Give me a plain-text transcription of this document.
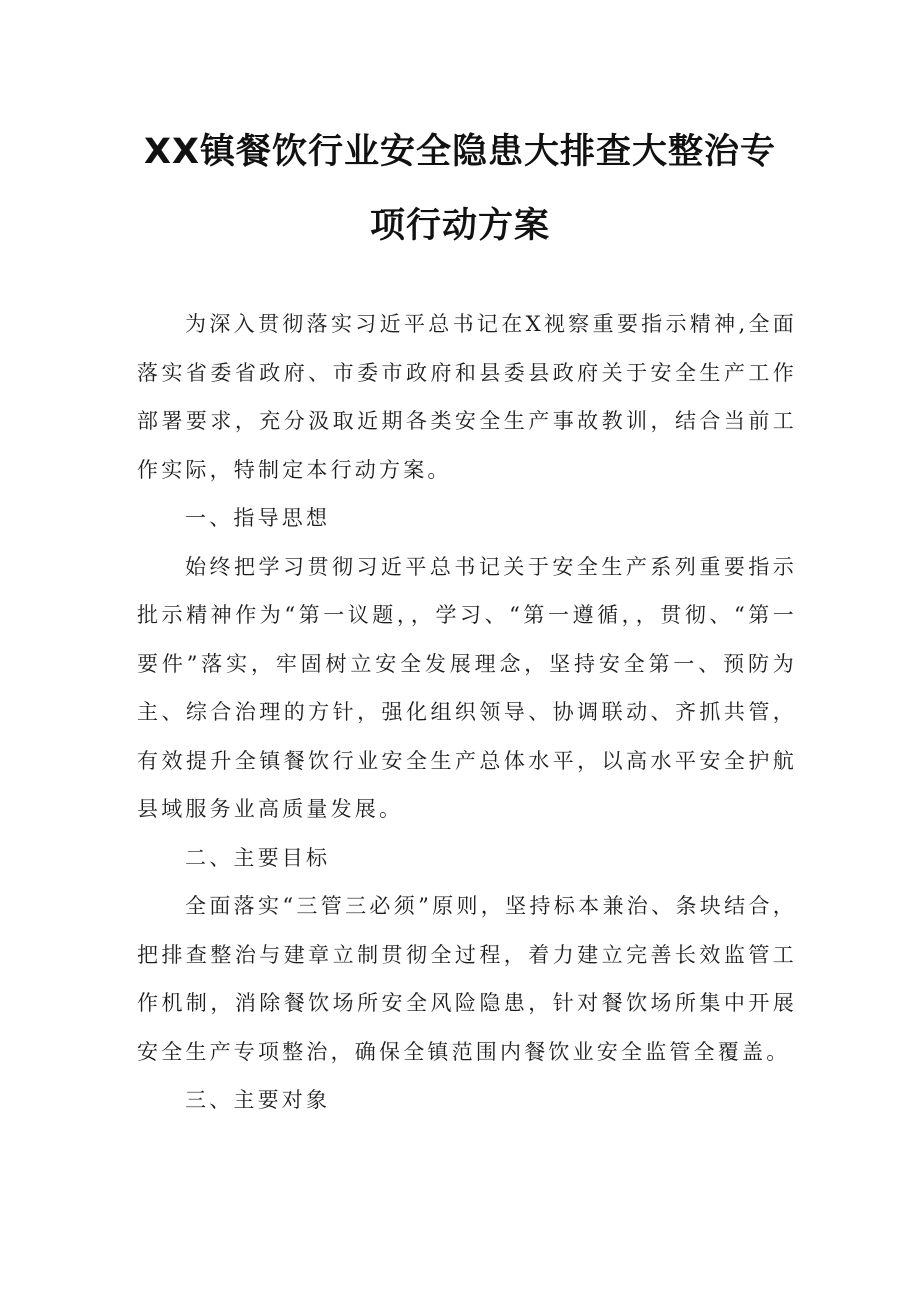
XX镇餐饮行业安全隐患大排查大整治专
项行动方案

为深入贯彻落实习近平总书记在X视察重要指示精神,全面落实省委省政府、市委市政府和县委县政府关于安全生产工作部署要求，充分汲取近期各类安全生产事故教训，结合当前工作实际，特制定本行动方案。

一、指导思想

始终把学习贯彻习近平总书记关于安全生产系列重要指示批示精神作为“第一议题，，学习、“第一遵循，，贯彻、“第一要件”落实，牢固树立安全发展理念，坚持安全第一、预防为主、综合治理的方针，强化组织领导、协调联动、齐抓共管，有效提升全镇餐饮行业安全生产总体水平，以高水平安全护航县域服务业高质量发展。

二、主要目标

全面落实“三管三必须”原则，坚持标本兼治、条块结合，把排查整治与建章立制贯彻全过程，着力建立完善长效监管工作机制，消除餐饮场所安全风险隐患，针对餐饮场所集中开展安全生产专项整治，确保全镇范围内餐饮业安全监管全覆盖。

三、主要对象
